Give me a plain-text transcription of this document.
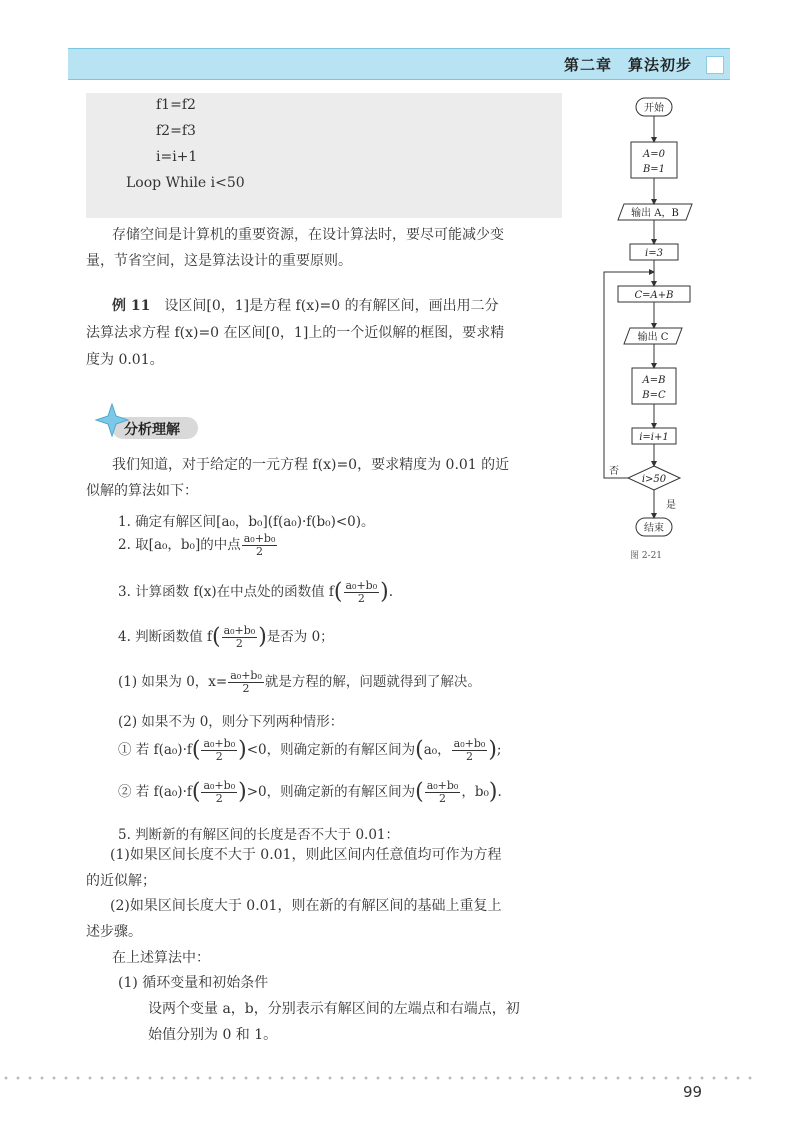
第二章　 算法初步
f1=f2
f2=f3
i=i+1
Loop While i<50
存储空间是计算机的重要资源，在设计算法时，要尽可能减少变
量，节省空间，这是算法设计的重要原则。
例 11　 设区间[0，1]是方程 f(x)=0 的有解区间，画出用二分
法算法求方程 f(x)=0 在区间[0，1]上的一个近似解的框图，要求精
度为 0.01。
分析理解
我们知道，对于给定的一元方程 f(x)=0，要求精度为 0.01 的近
似解的算法如下：
1. 确定有解区间[a₀，b₀](f(a₀)·f(b₀)<0)。
2. 取[a₀，b₀]的中点 $\frac{\text{a₀+b₀}}{2}$
3. 计算函数 f(x)在中点处的函数值 $f( \frac{\text{a₀+b₀}}{2}$ ).
4. 判断函数值 $f( \frac{\text{a₀+b₀}}{2}$ )是否为 0；
(1) 如果为 0，$x= \frac{\text{a₀+b₀}}{2}$ 就是方程的解，问题就得到了解决。
(2) 如果不为 0，则分下列两种情形：
① 若 $f(a_0)\cdot f( \frac{\text{a₀+b₀}}{2} )<0$，则确定新的有解区间为(a₀， $\frac{\text{a₀+b₀}}{2}$ );
② 若 $f(a_0)\cdot f( \frac{\text{a₀+b₀}}{2} )>0$，则确定新的有解区间为( $\frac{\text{a₀+b₀}}{2}$ ，b₀).
5. 判断新的有解区间的长度是否不大于 0.01：
(1)如果区间长度不大于 0.01，则此区间内任意值均可作为方程
的近似解；
(2)如果区间长度大于 0.01，则在新的有解区间的基础上重复上
述步骤。
在上述算法中：
(1) 循环变量和初始条件
设两个变量 a，b，分别表示有解区间的左端点和右端点，初
始值分别为 0 和 1。
开始
A=0
B=1
输出 A，B
i=3
C=A+B
输出 C
A=B
B=C
i=i+1
i>50
否
是
结束
图 2-21
99
